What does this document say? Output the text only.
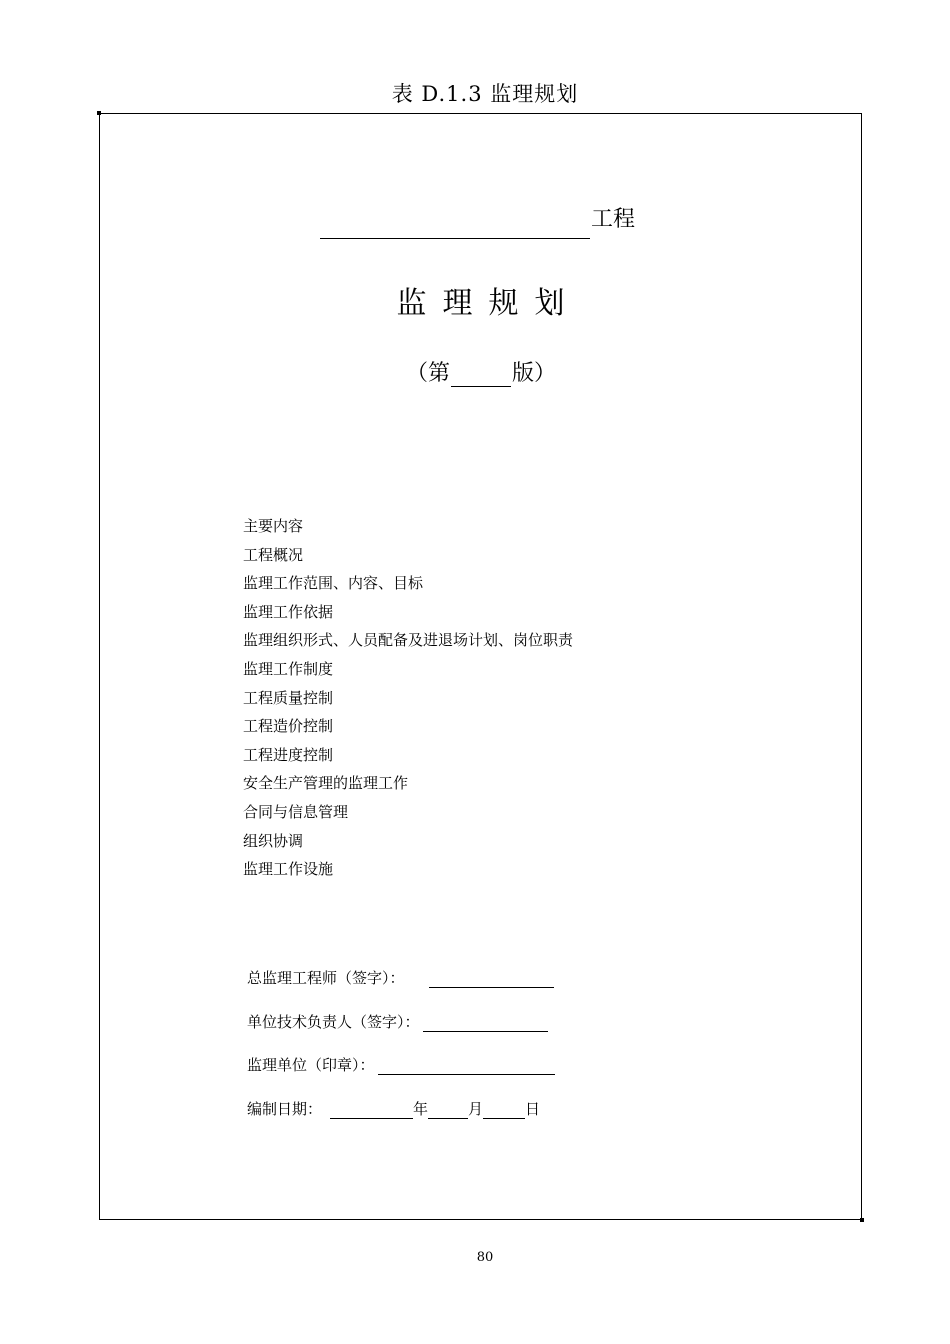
表 D.1.3 监理规划
工程
监理规划
（第	版）
主要内容
工程概况
监理工作范围、内容、目标
监理工作依据
监理组织形式、人员配备及进退场计划、岗位职责
监理工作制度
工程质量控制
工程造价控制
工程进度控制
安全生产管理的监理工作
合同与信息管理
组织协调
监理工作设施
总监理工程师（签字）：
单位技术负责人（签字）：
监理单位（印章）：
编制日期：	年	月	日
80
